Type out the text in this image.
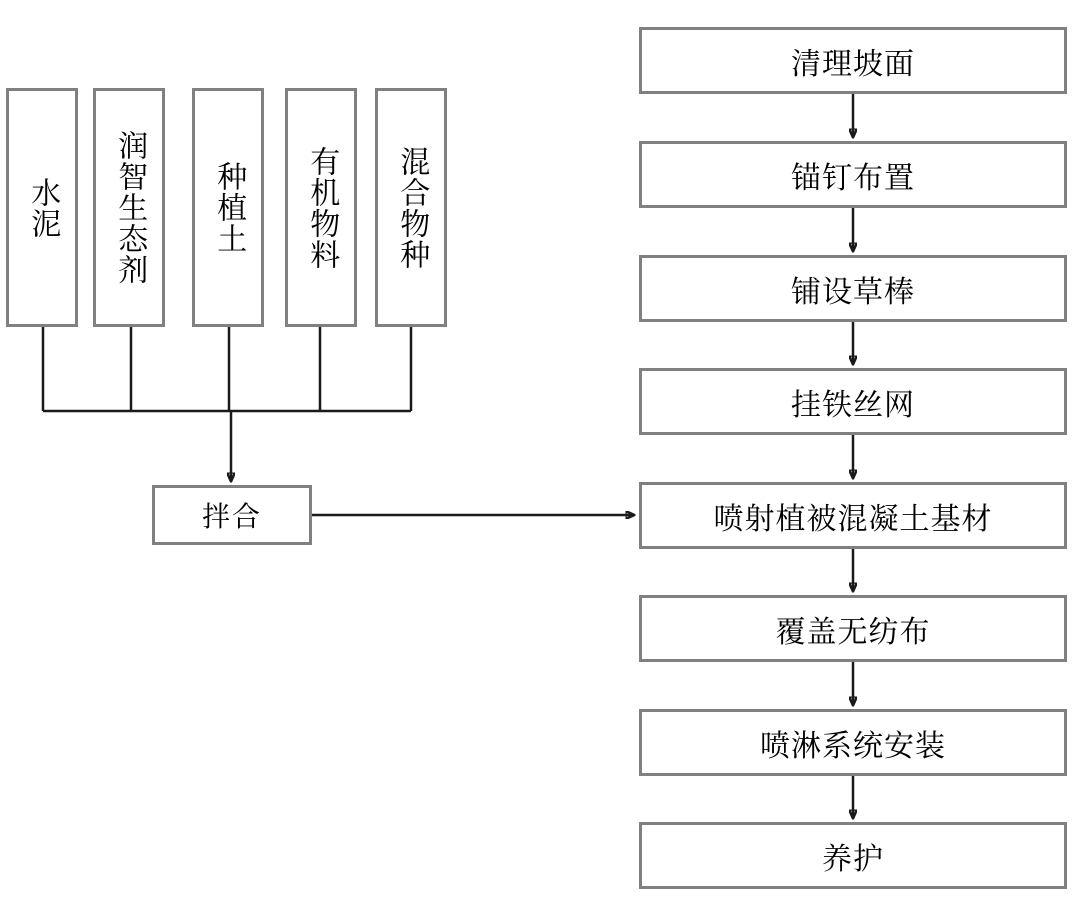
水泥 润智生态剂 种植土 有机物料 混合物种
拌合
清理坡面
锚钉布置
铺设草棒
挂铁丝网
喷射植被混凝土基材
覆盖无纺布
喷淋系统安装
养护
